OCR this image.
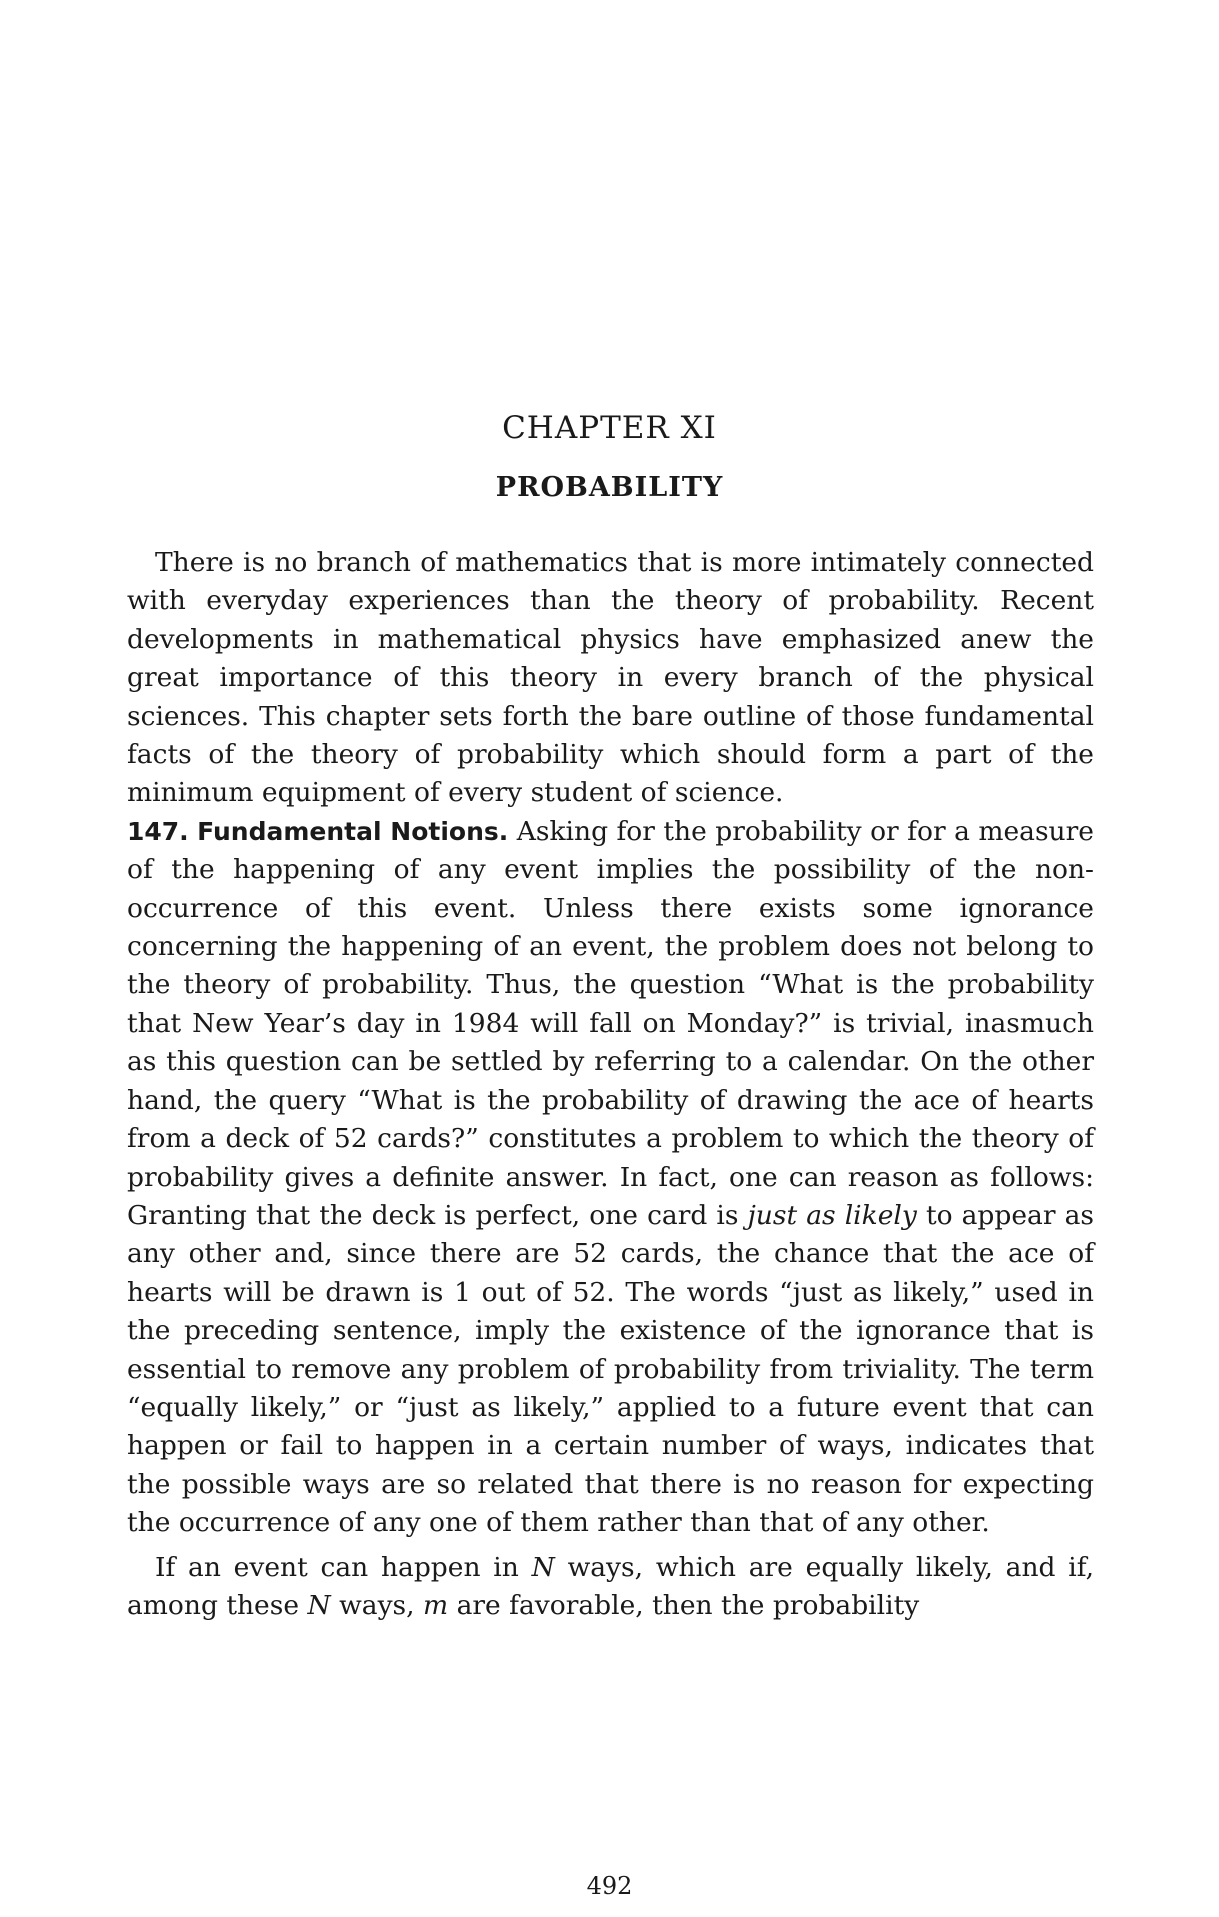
CHAPTER XI
PROBABILITY

There is no branch of mathematics that is more intimately connected with everyday experiences than the theory of probability. Recent developments in mathematical physics have emphasized anew the great importance of this theory in every branch of the physical sciences. This chapter sets forth the bare outline of those fundamental facts of the theory of probability which should form a part of the minimum equipment of every student of science.

147. Fundamental Notions. Asking for the probability or for a measure of the happening of any event implies the possibility of the non-occurrence of this event. Unless there exists some ignorance concerning the happening of an event, the problem does not belong to the theory of probability. Thus, the question “What is the probability that New Year’s day in 1984 will fall on Monday?” is trivial, inasmuch as this question can be settled by referring to a calendar. On the other hand, the query “What is the probability of drawing the ace of hearts from a deck of 52 cards?” constitutes a problem to which the theory of probability gives a definite answer. In fact, one can reason as follows: Granting that the deck is perfect, one card is just as likely to appear as any other and, since there are 52 cards, the chance that the ace of hearts will be drawn is 1 out of 52. The words “just as likely,” used in the preceding sentence, imply the existence of the ignorance that is essential to remove any problem of probability from triviality. The term “equally likely,” or “just as likely,” applied to a future event that can happen or fail to happen in a certain number of ways, indicates that the possible ways are so related that there is no reason for expecting the occurrence of any one of them rather than that of any other.

If an event can happen in N ways, which are equally likely, and if, among these N ways, m are favorable, then the probability

492
